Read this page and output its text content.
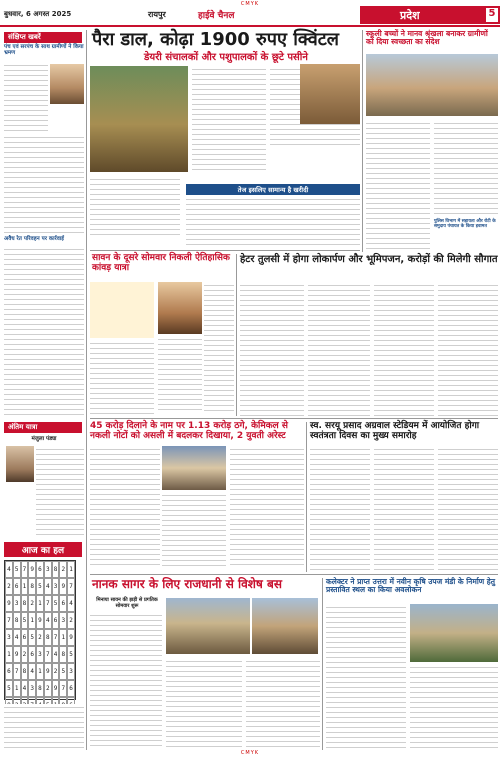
CMYK
बुधवार, 6 अगस्त 2025	रायपुर	हाईवे चैनल	प्रदेश	5
संक्षिप्त खबरें
पंच एवं सरपंच के साथ ग्रामीणों ने किया भ्रमण
अवैध रेत परिवहन पर कार्रवाई
अंतिम यात्रा
मंजुला पंड्या
आज का हल
4 5 7 9 6 3 8 2 1
2 6 1 8 5 4 3 9 7
9 3 8 2 1 7 5 6 4
7 8 5 1 9 4 6 3 2
3 4 6 5 2 8 7 1 9
1 9 2 6 3 7 4 8 5
6 7 8 4 1 9 2 5 3
5 1 4 3 8 2 9 7 6
पैरा डाल, कोढ़ा 1900 रुपए क्विंटल
डेयरी संचालकों और पशुपालकों के छूटे पसीने
तेज इसलिए सामान्य है खरीदी
सावन के दूसरे सोमवार निकली ऐतिहासिक कांवड़ यात्रा
हेटर तुलसी में होगा लोकार्पण और भूमिपजन, करोड़ों की मिलेगी सौगात
45 करोड़ दिलाने के नाम पर 1.13 करोड़ ठगे, केमिकल से नकली नोटों को असली में बदलकर दिखाया, 2 युवती अरेस्ट
स्व. सरयू प्रसाद अग्रवाल स्टेडियम में आयोजित होगा स्वतंत्रता दिवस का मुख्य समारोह
नानक सागर के लिए राजधानी से विशेष बस
मिनाया सावन की झड़ी से प्रगतिक सोमवार शुरू
कलेक्टर ने प्राप्त उत्तरा में नवीन कृषि उपज मंडी के निर्माण हेतु प्रस्तावित स्थल का किया अवलोकन
स्कूली बच्चों ने मानव श्रृंखला बनाकर ग्रामीणों को दिया स्वच्छता का संदेश
पुलिस विभाग में सहायता और रोटी के समुदाय पंचायत के किया इवामत
CMYK
